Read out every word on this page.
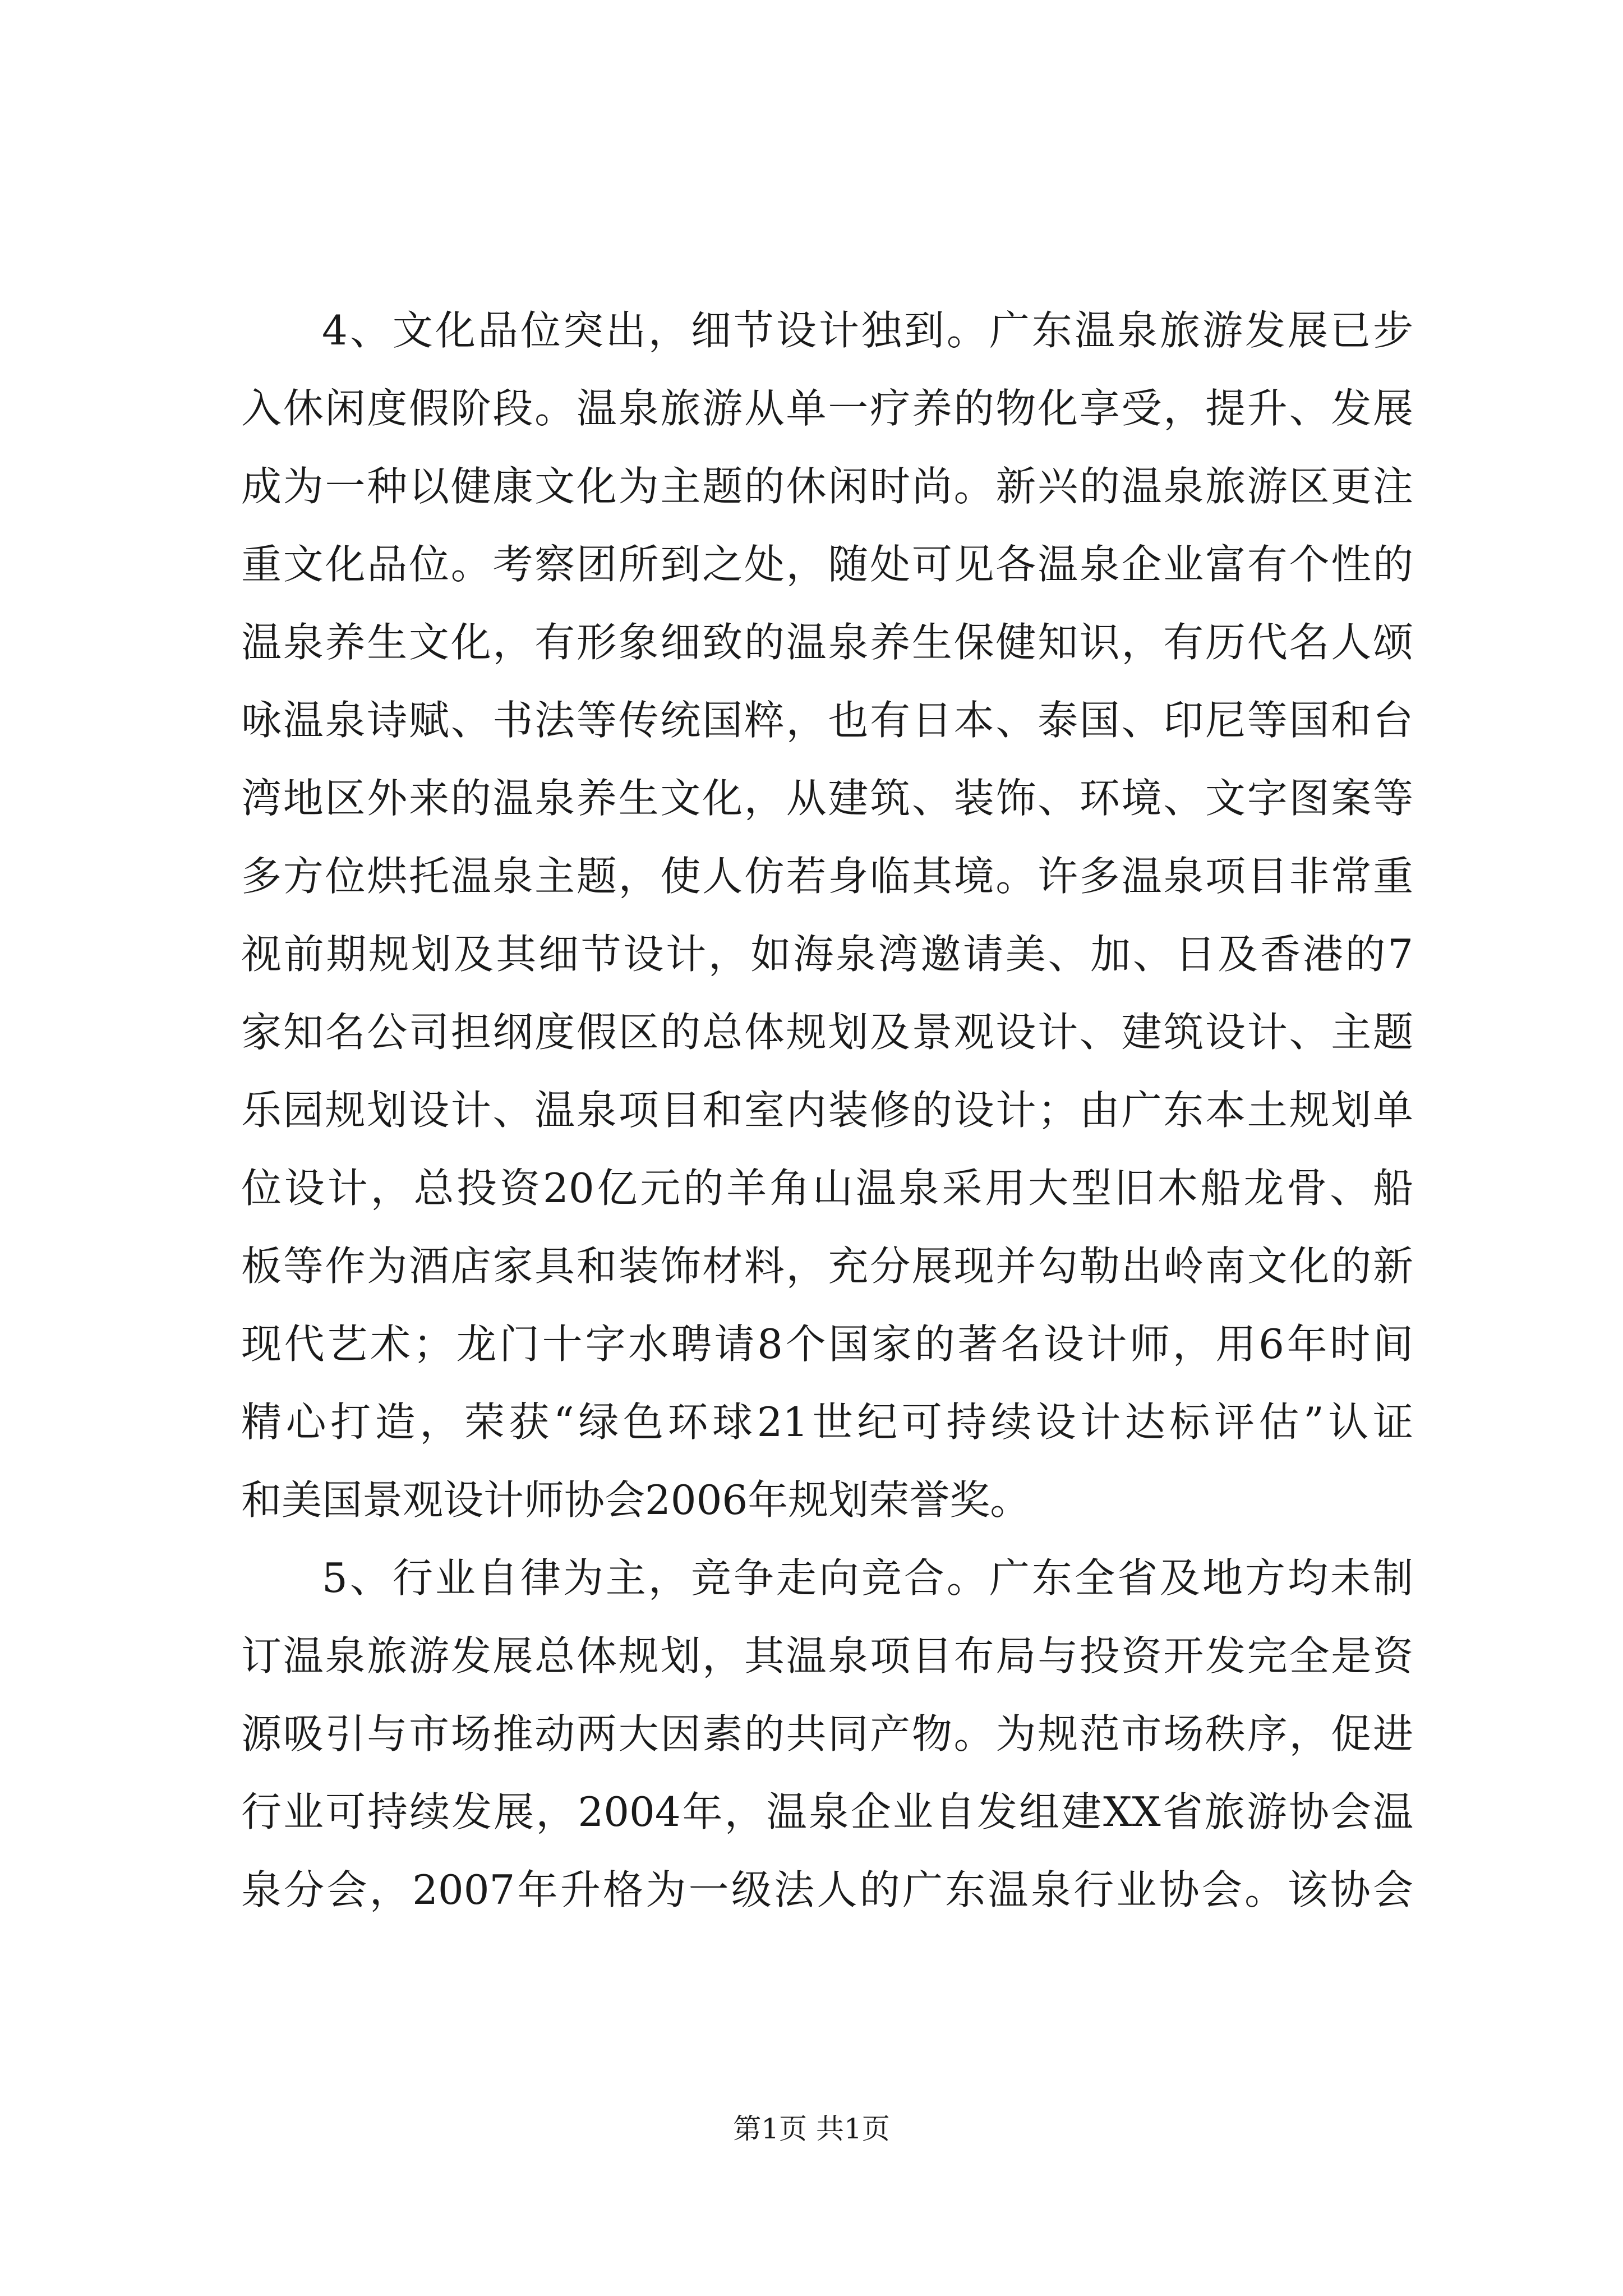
4、文化品位突出，细节设计独到。广东温泉旅游发展已步
入休闲度假阶段。温泉旅游从单一疗养的物化享受，提升、发展
成为一种以健康文化为主题的休闲时尚。新兴的温泉旅游区更注
重文化品位。考察团所到之处，随处可见各温泉企业富有个性的
温泉养生文化，有形象细致的温泉养生保健知识，有历代名人颂
咏温泉诗赋、书法等传统国粹，也有日本、泰国、印尼等国和台
湾地区外来的温泉养生文化，从建筑、装饰、环境、文字图案等
多方位烘托温泉主题，使人仿若身临其境。许多温泉项目非常重
视前期规划及其细节设计，如海泉湾邀请美、加、日及香港的7
家知名公司担纲度假区的总体规划及景观设计、建筑设计、主题
乐园规划设计、温泉项目和室内装修的设计；由广东本土规划单
位设计，总投资20亿元的羊角山温泉采用大型旧木船龙骨、船
板等作为酒店家具和装饰材料，充分展现并勾勒出岭南文化的新
现代艺术；龙门十字水聘请8个国家的著名设计师，用6年时间
精心打造，荣获“绿色环球21世纪可持续设计达标评估”认证
和美国景观设计师协会2006年规划荣誉奖。
5、行业自律为主，竞争走向竞合。广东全省及地方均未制
订温泉旅游发展总体规划，其温泉项目布局与投资开发完全是资
源吸引与市场推动两大因素的共同产物。为规范市场秩序，促进
行业可持续发展，2004年，温泉企业自发组建XX省旅游协会温
泉分会，2007年升格为一级法人的广东温泉行业协会。该协会
第1页 共1页
